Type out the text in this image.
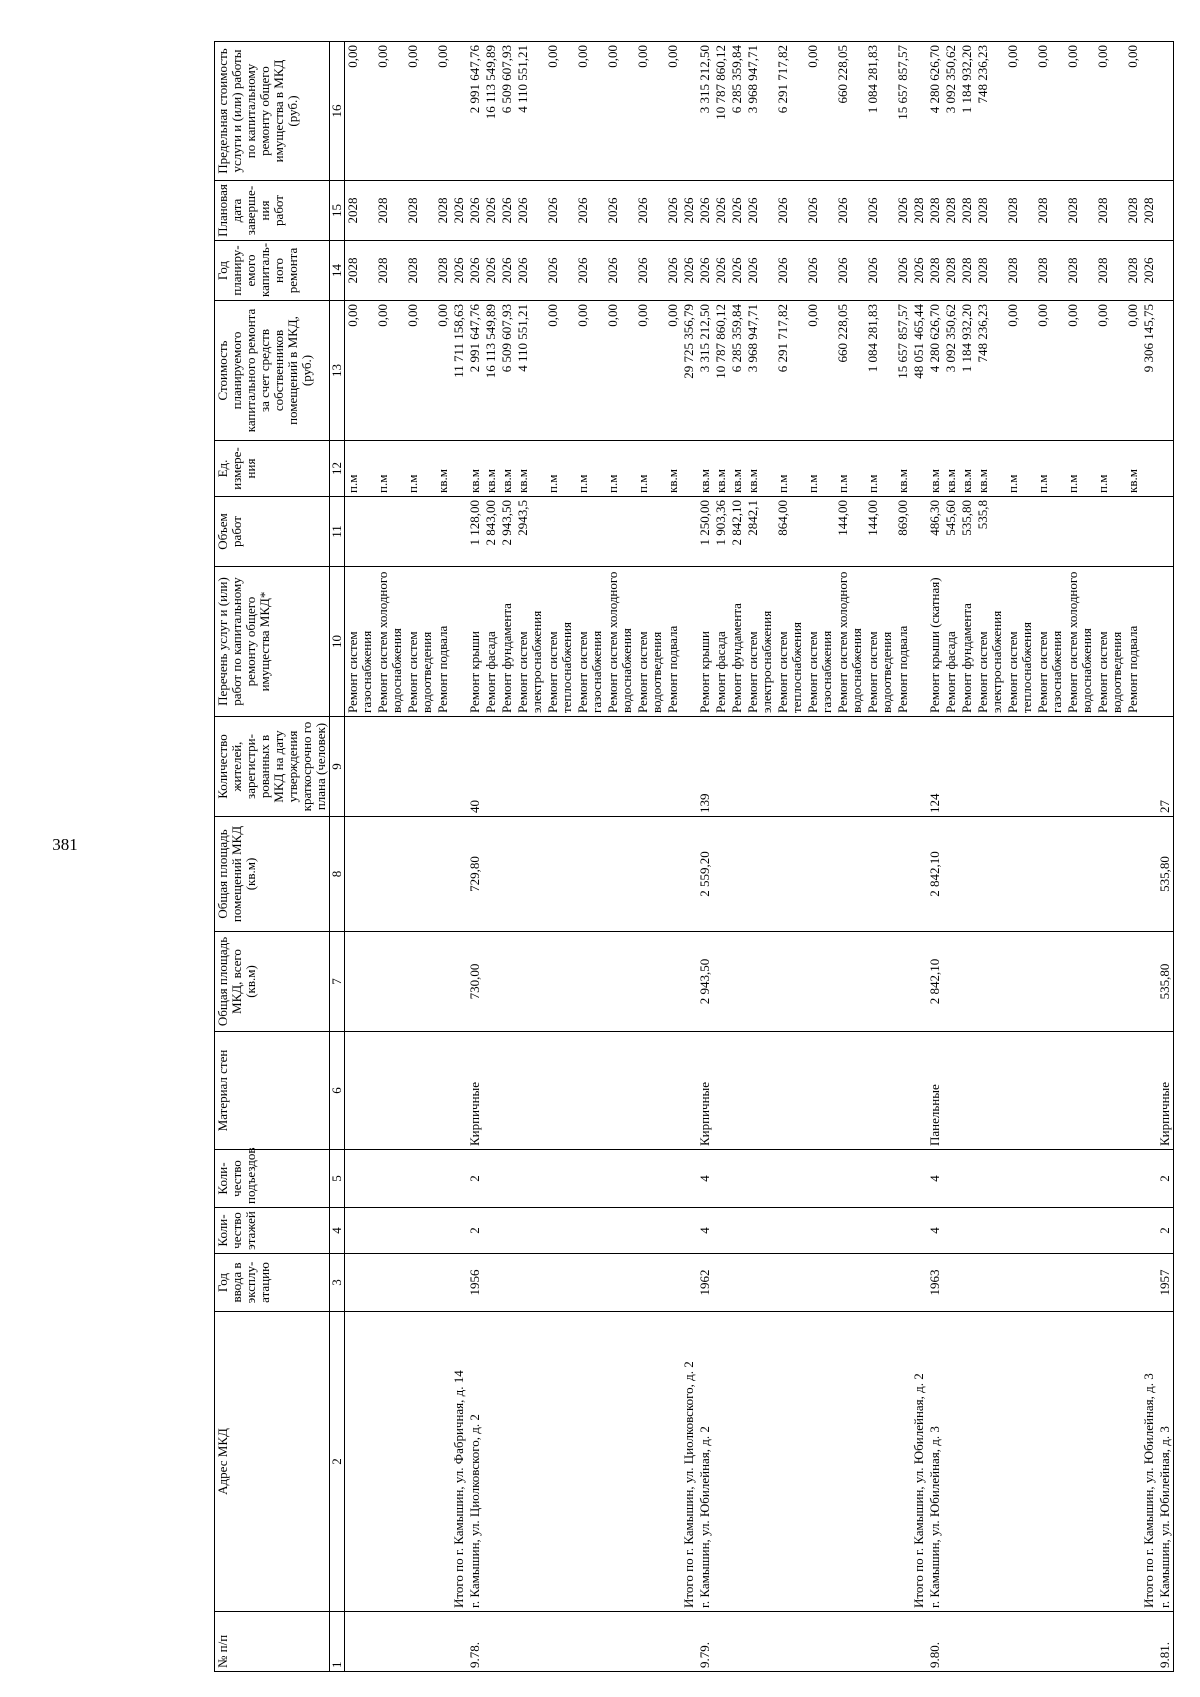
381
№ п/п	Адрес МКД	Год ввода в эксплу- атацию	Коли- чество этажей	Коли- чество подъездов	Материал стен	Общая площадь МКД, всего (кв.м)	Общая площадь помещений МКД (кв.м)	Количество жителей, зарегистри- рованных в МКД на дату утверждения краткосрочно го плана (человек)	Перечень услуг и (или) работ по капитальному ремонту общего имущества МКД*	Объем работ	Ед. измере- ния	Стоимость планируемого капитального ремонта за счет средств собственников помещений в МКД, (руб.)	Год планиру- емого капиталь- ного ремонта	Плановая дата заверше- ния работ	Предельная стоимость услуги и (или) работы по капитальному ремонту общего имущества в МКД (руб.)
1	2	3	4	5	6	7	8	9	10	11	12	13	14	15	16
									Ремонт систем газоснабжения		п.м	0,00	2028	2028	0,00
									Ремонт систем холодного водоснабжения		п.м	0,00	2028	2028	0,00
									Ремонт систем водоотведения		п.м	0,00	2028	2028	0,00
									Ремонт подвала		кв.м	0,00	2028	2028	0,00
	Итого по г. Камышин, ул. Фабричная, д. 14											11 711 158,63	2026	2026	
9.78.	г. Камышин, ул. Циолковского, д. 2	1956	2	2	Кирпичные	730,00	729,80	40	Ремонт крыши	1 128,00	кв.м	2 991 647,76	2026	2026	2 991 647,76
									Ремонт фасада	2 843,00	кв.м	16 113 549,89	2026	2026	16 113 549,89
									Ремонт фундамента	2 943,50	кв.м	6 509 607,93	2026	2026	6 509 607,93
									Ремонт систем электроснабжения	2943,5	кв.м	4 110 551,21	2026	2026	4 110 551,21
									Ремонт систем теплоснабжения		п.м	0,00	2026	2026	0,00
									Ремонт систем газоснабжения		п.м	0,00	2026	2026	0,00
									Ремонт систем холодного водоснабжения		п.м	0,00	2026	2026	0,00
									Ремонт систем водоотведения		п.м	0,00	2026	2026	0,00
									Ремонт подвала		кв.м	0,00	2026	2026	0,00
	Итого по г. Камышин, ул. Циолковского, д. 2											29 725 356,79	2026	2026	
9.79.	г. Камышин, ул. Юбилейная, д. 2	1962	4	4	Кирпичные	2 943,50	2 559,20	139	Ремонт крыши	1 250,00	кв.м	3 315 212,50	2026	2026	3 315 212,50
									Ремонт фасада	1 903,36	кв.м	10 787 860,12	2026	2026	10 787 860,12
									Ремонт фундамента	2 842,10	кв.м	6 285 359,84	2026	2026	6 285 359,84
									Ремонт систем электроснабжения	2842,1	кв.м	3 968 947,71	2026	2026	3 968 947,71
									Ремонт систем теплоснабжения	864,00	п.м	6 291 717,82	2026	2026	6 291 717,82
									Ремонт систем газоснабжения		п.м	0,00	2026	2026	0,00
									Ремонт систем холодного водоснабжения	144,00	п.м	660 228,05	2026	2026	660 228,05
									Ремонт систем водоотведения	144,00	п.м	1 084 281,83	2026	2026	1 084 281,83
									Ремонт подвала	869,00	кв.м	15 657 857,57	2026	2026	15 657 857,57
	Итого по г. Камышин, ул. Юбилейная, д. 2											48 051 465,44	2026	2028	
9.80.	г. Камышин, ул. Юбилейная, д. 3	1963	4	4	Панельные	2 842,10	2 842,10	124	Ремонт крыши (скатная)	486,30	кв.м	4 280 626,70	2028	2028	4 280 626,70
									Ремонт фасада	545,60	кв.м	3 092 350,62	2028	2028	3 092 350,62
									Ремонт фундамента	535,80	кв.м	1 184 932,20	2028	2028	1 184 932,20
									Ремонт систем электроснабжения	535,8	кв.м	748 236,23	2028	2028	748 236,23
									Ремонт систем теплоснабжения		п.м	0,00	2028	2028	0,00
									Ремонт систем газоснабжения		п.м	0,00	2028	2028	0,00
									Ремонт систем холодного водоснабжения		п.м	0,00	2028	2028	0,00
									Ремонт систем водоотведения		п.м	0,00	2028	2028	0,00
									Ремонт подвала		кв.м	0,00	2028	2028	0,00
	Итого по г. Камышин, ул. Юбилейная, д. 3											9 306 145,75	2026	2028	
9.81.	г. Камышин, ул. Юбилейная, д. 3	1957	2	2	Кирпичные	535,80	535,80	27							
